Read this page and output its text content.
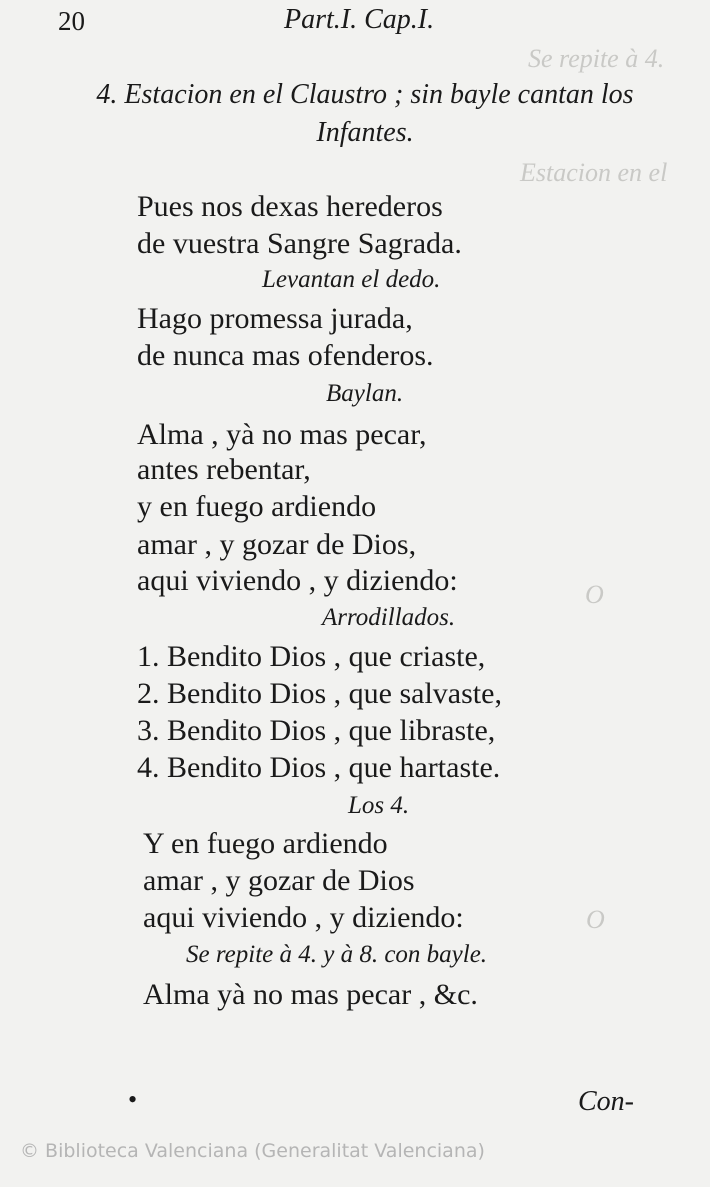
Se repite à 4.
Estacion en el
O
O
20	Part.I. Cap.I.
4. Estacion en el Claustro ; sin bayle cantan los
Infantes.
Pues nos dexas herederos
de vuestra Sangre Sagrada.
Levantan el dedo.
Hago promessa jurada,
de nunca mas ofenderos.
Baylan.
Alma , yà no mas pecar,
antes rebentar,
y en fuego ardiendo
amar , y gozar de Dios,
aqui viviendo , y diziendo:
Arrodillados.
1. Bendito Dios , que criaste,
2. Bendito Dios , que salvaste,
3. Bendito Dios , que libraste,
4. Bendito Dios , que hartaste.
Los 4.
Y en fuego ardiendo
amar , y gozar de Dios
aqui viviendo , y diziendo:
Se repite à 4. y à 8. con bayle.
Alma yà no mas pecar , &c.
•	Con-
© Biblioteca Valenciana (Generalitat Valenciana)
